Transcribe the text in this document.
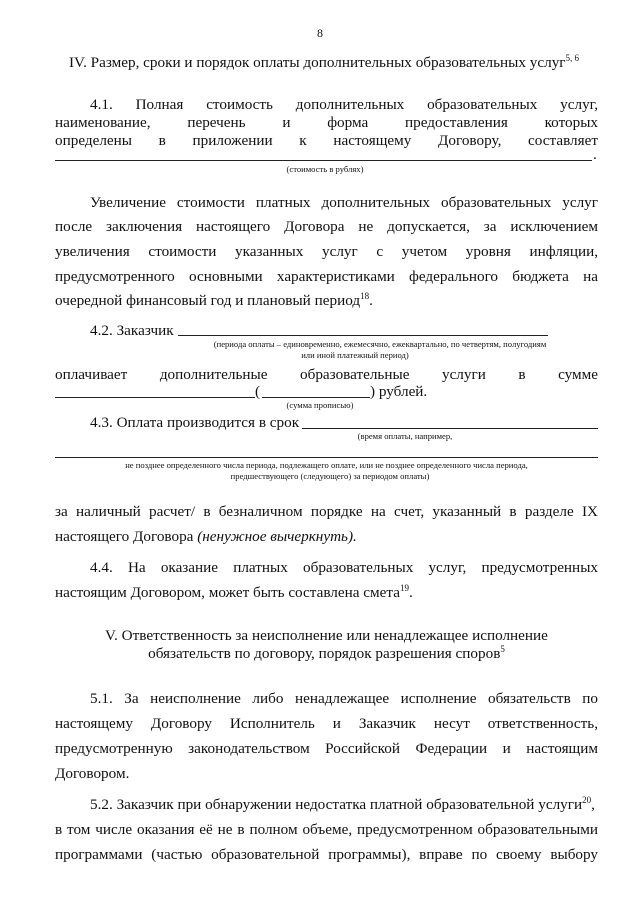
8
IV. Размер, сроки и порядок оплаты дополнительных образовательных услуг$^{5, 6}$
4.1. Полная стоимость дополнительных образовательных услуг,
наименование, перечень и форма предоставления которых
определены в приложении к настоящему Договору, составляет
.
(стоимость в рублях)
Увеличение стоимости платных дополнительных образовательных услуг
после заключения настоящего Договора не допускается, за исключением
увеличения стоимости указанных услуг с учетом уровня инфляции,
предусмотренного основными характеристиками федерального бюджета на
очередной финансовый год и плановый период$^{18}$.
4.2. Заказчик
(периода оплаты – единовременно, ежемесячно, ежеквартально, по четвертям, полугодиям
или иной платежный период)
оплачивает дополнительные образовательные услуги в сумме
(	) рублей.
(сумма прописью)
4.3. Оплата производится в срок
(время оплаты, например,
не позднее определенного числа периода, подлежащего оплате, или не позднее определенного числа периода,
предшествующего (следующего) за периодом оплаты)
за наличный расчет/ в безналичном порядке на счет, указанный в разделе IX
настоящего Договора (ненужное вычеркнуть).
4.4. На оказание платных образовательных услуг, предусмотренных
настоящим Договором, может быть составлена смета$^{19}$.
V. Ответственность за неисполнение или ненадлежащее исполнение
обязательств по договору, порядок разрешения споров$^5$
5.1. За неисполнение либо ненадлежащее исполнение обязательств по
настоящему Договору Исполнитель и Заказчик несут ответственность,
предусмотренную законодательством Российской Федерации и настоящим
Договором.
5.2. Заказчик при обнаружении недостатка платной образовательной услуги$^{20}$,
в том числе оказания её не в полном объеме, предусмотренном образовательными
программами (частью образовательной программы), вправе по своему выбору
